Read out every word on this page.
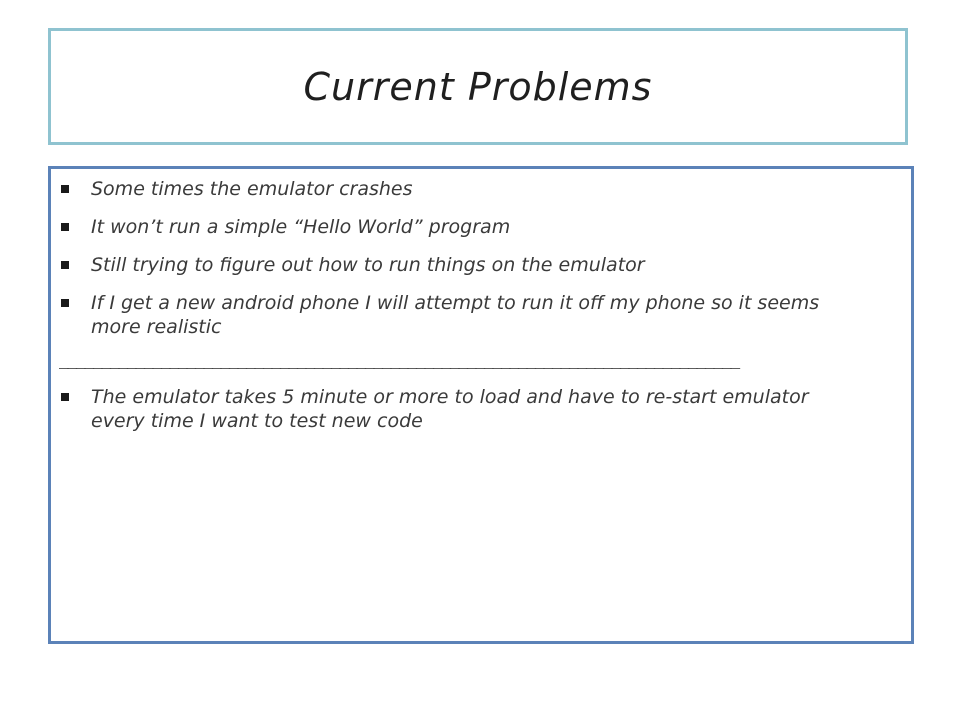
Current Problems
Some times the emulator crashes
It won’t run a simple “Hello World” program
Still trying to figure out how to run things on the emulator
If I get a new android phone I will attempt to run it off my phone so it seems more realistic
________________________________________________________________________________
The emulator takes 5 minute or more to load and have to re-start emulator every time I want to test new code
